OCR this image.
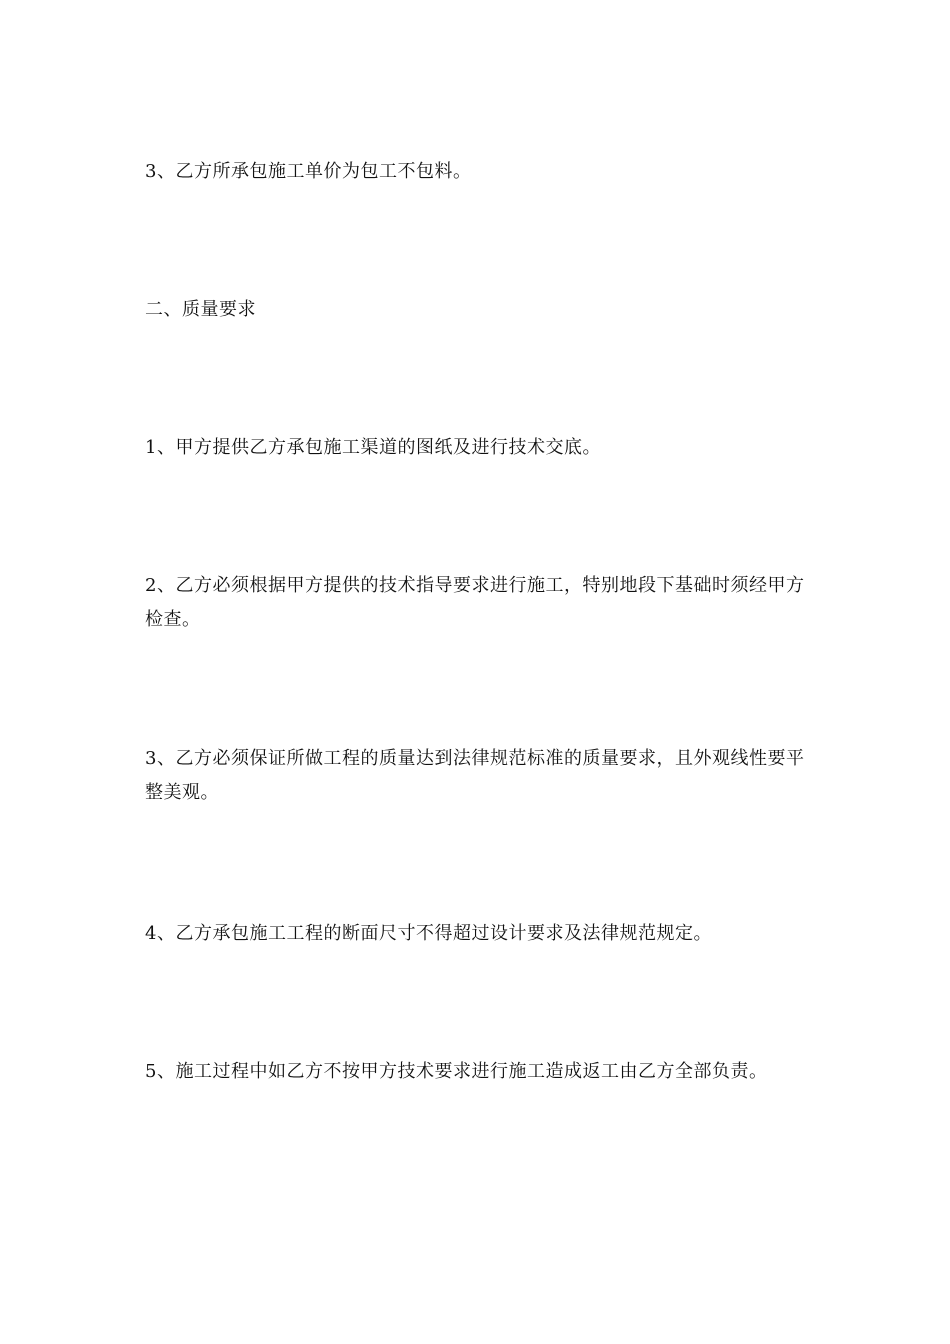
3、乙方所承包施工单价为包工不包料。

二、质量要求

1、甲方提供乙方承包施工渠道的图纸及进行技术交底。

2、乙方必须根据甲方提供的技术指导要求进行施工，特别地段下基础时须经甲方检查。

3、乙方必须保证所做工程的质量达到法律规范标准的质量要求，且外观线性要平整美观。

4、乙方承包施工工程的断面尺寸不得超过设计要求及法律规范规定。

5、施工过程中如乙方不按甲方技术要求进行施工造成返工由乙方全部负责。
